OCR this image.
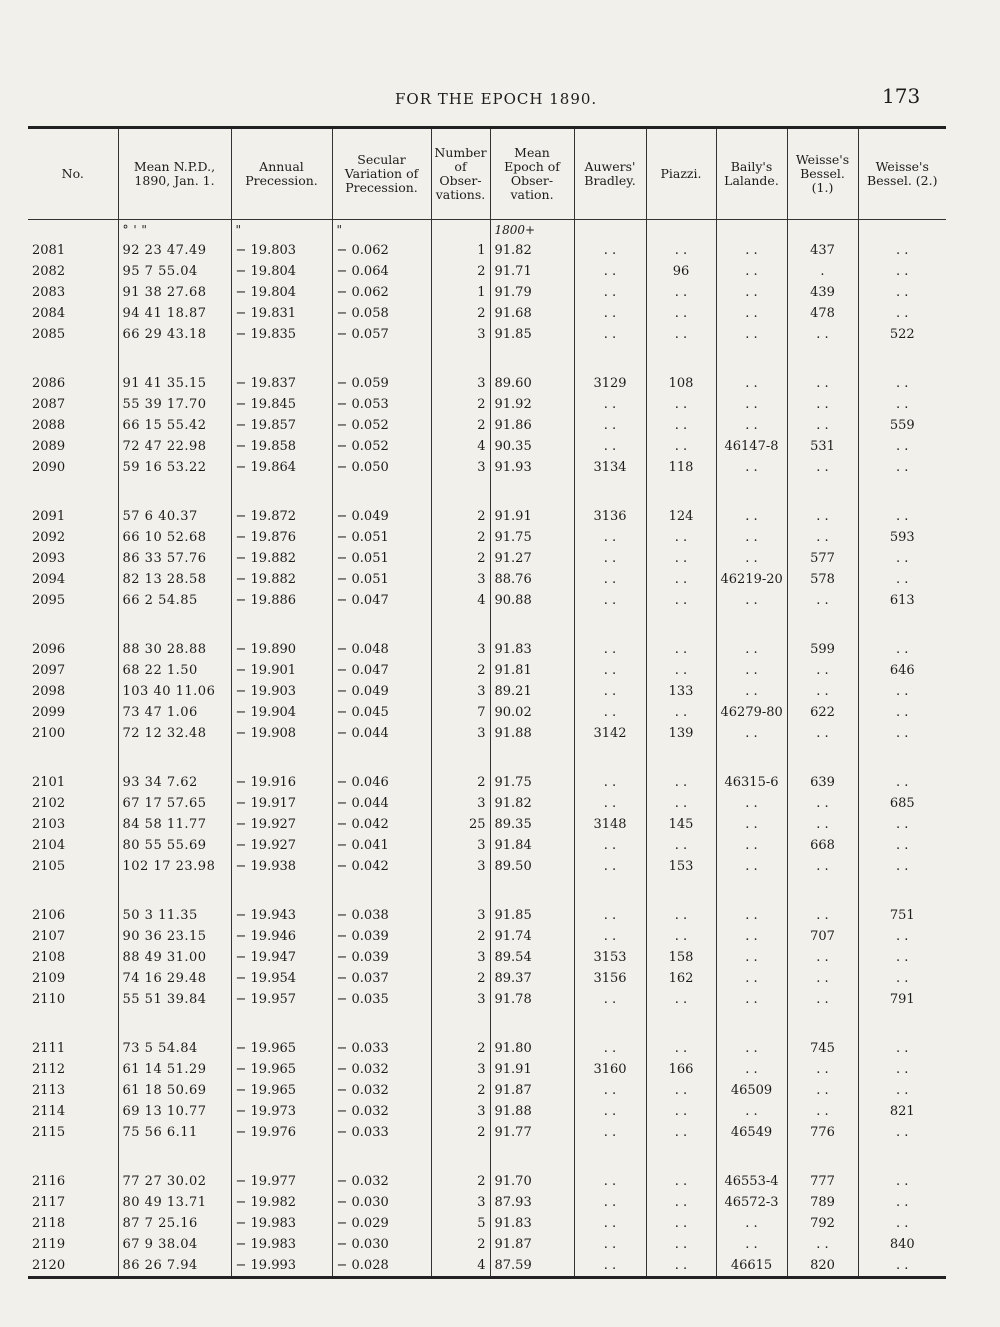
FOR THE EPOCH 1890.	173
No.	Mean N.P.D., 1890, Jan. 1.	Annual Precession.	Secular Variation of Precession.	Number of Obser- vations.	Mean Epoch of Obser- vation.	Auwers' Bradley.	Piazzi.	Baily's Lalande.	Weisse's Bessel. (1.)	Weisse's Bessel. (2.)
	° ' "	"	"		1800+					
2081	92 23 47.49	− 19.803	− 0.062	1	91.82	. .	. .	. .	437	. .
2082	95 7 55.04	− 19.804	− 0.064	2	91.71	. .	96	. .	.	. .
2083	91 38 27.68	− 19.804	− 0.062	1	91.79	. .	. .	. .	439	. .
2084	94 41 18.87	− 19.831	− 0.058	2	91.68	. .	. .	. .	478	. .
2085	66 29 43.18	− 19.835	− 0.057	3	91.85	. .	. .	. .	. .	522

2086	91 41 35.15	− 19.837	− 0.059	3	89.60	3129	108	. .	. .	. .
2087	55 39 17.70	− 19.845	− 0.053	2	91.92	. .	. .	. .	. .	. .
2088	66 15 55.42	− 19.857	− 0.052	2	91.86	. .	. .	. .	. .	559
2089	72 47 22.98	− 19.858	− 0.052	4	90.35	. .	. .	46147-8	531	. .
2090	59 16 53.22	− 19.864	− 0.050	3	91.93	3134	118	. .	. .	. .

2091	57 6 40.37	− 19.872	− 0.049	2	91.91	3136	124	. .	. .	. .
2092	66 10 52.68	− 19.876	− 0.051	2	91.75	. .	. .	. .	. .	593
2093	86 33 57.76	− 19.882	− 0.051	2	91.27	. .	. .	. .	577	. .
2094	82 13 28.58	− 19.882	− 0.051	3	88.76	. .	. .	46219-20	578	. .
2095	66 2 54.85	− 19.886	− 0.047	4	90.88	. .	. .	. .	. .	613

2096	88 30 28.88	− 19.890	− 0.048	3	91.83	. .	. .	. .	599	. .
2097	68 22 1.50	− 19.901	− 0.047	2	91.81	. .	. .	. .	. .	646
2098	103 40 11.06	− 19.903	− 0.049	3	89.21	. .	133	. .	. .	. .
2099	73 47 1.06	− 19.904	− 0.045	7	90.02	. .	. .	46279-80	622	. .
2100	72 12 32.48	− 19.908	− 0.044	3	91.88	3142	139	. .	. .	. .

2101	93 34 7.62	− 19.916	− 0.046	2	91.75	. .	. .	46315-6	639	. .
2102	67 17 57.65	− 19.917	− 0.044	3	91.82	. .	. .	. .	. .	685
2103	84 58 11.77	− 19.927	− 0.042	25	89.35	3148	145	. .	. .	. .
2104	80 55 55.69	− 19.927	− 0.041	3	91.84	. .	. .	. .	668	. .
2105	102 17 23.98	− 19.938	− 0.042	3	89.50	. .	153	. .	. .	. .

2106	50 3 11.35	− 19.943	− 0.038	3	91.85	. .	. .	. .	. .	751
2107	90 36 23.15	− 19.946	− 0.039	2	91.74	. .	. .	. .	707	. .
2108	88 49 31.00	− 19.947	− 0.039	3	89.54	3153	158	. .	. .	. .
2109	74 16 29.48	− 19.954	− 0.037	2	89.37	3156	162	. .	. .	. .
2110	55 51 39.84	− 19.957	− 0.035	3	91.78	. .	. .	. .	. .	791

2111	73 5 54.84	− 19.965	− 0.033	2	91.80	. .	. .	. .	745	. .
2112	61 14 51.29	− 19.965	− 0.032	3	91.91	3160	166	. .	. .	. .
2113	61 18 50.69	− 19.965	− 0.032	2	91.87	. .	. .	46509	. .	. .
2114	69 13 10.77	− 19.973	− 0.032	3	91.88	. .	. .	. .	. .	821
2115	75 56 6.11	− 19.976	− 0.033	2	91.77	. .	. .	46549	776	. .

2116	77 27 30.02	− 19.977	− 0.032	2	91.70	. .	. .	46553-4	777	. .
2117	80 49 13.71	− 19.982	− 0.030	3	87.93	. .	. .	46572-3	789	. .
2118	87 7 25.16	− 19.983	− 0.029	5	91.83	. .	. .	. .	792	. .
2119	67 9 38.04	− 19.983	− 0.030	2	91.87	. .	. .	. .	. .	840
2120	86 26 7.94	− 19.993	− 0.028	4	87.59	. .	. .	46615	820	. .
